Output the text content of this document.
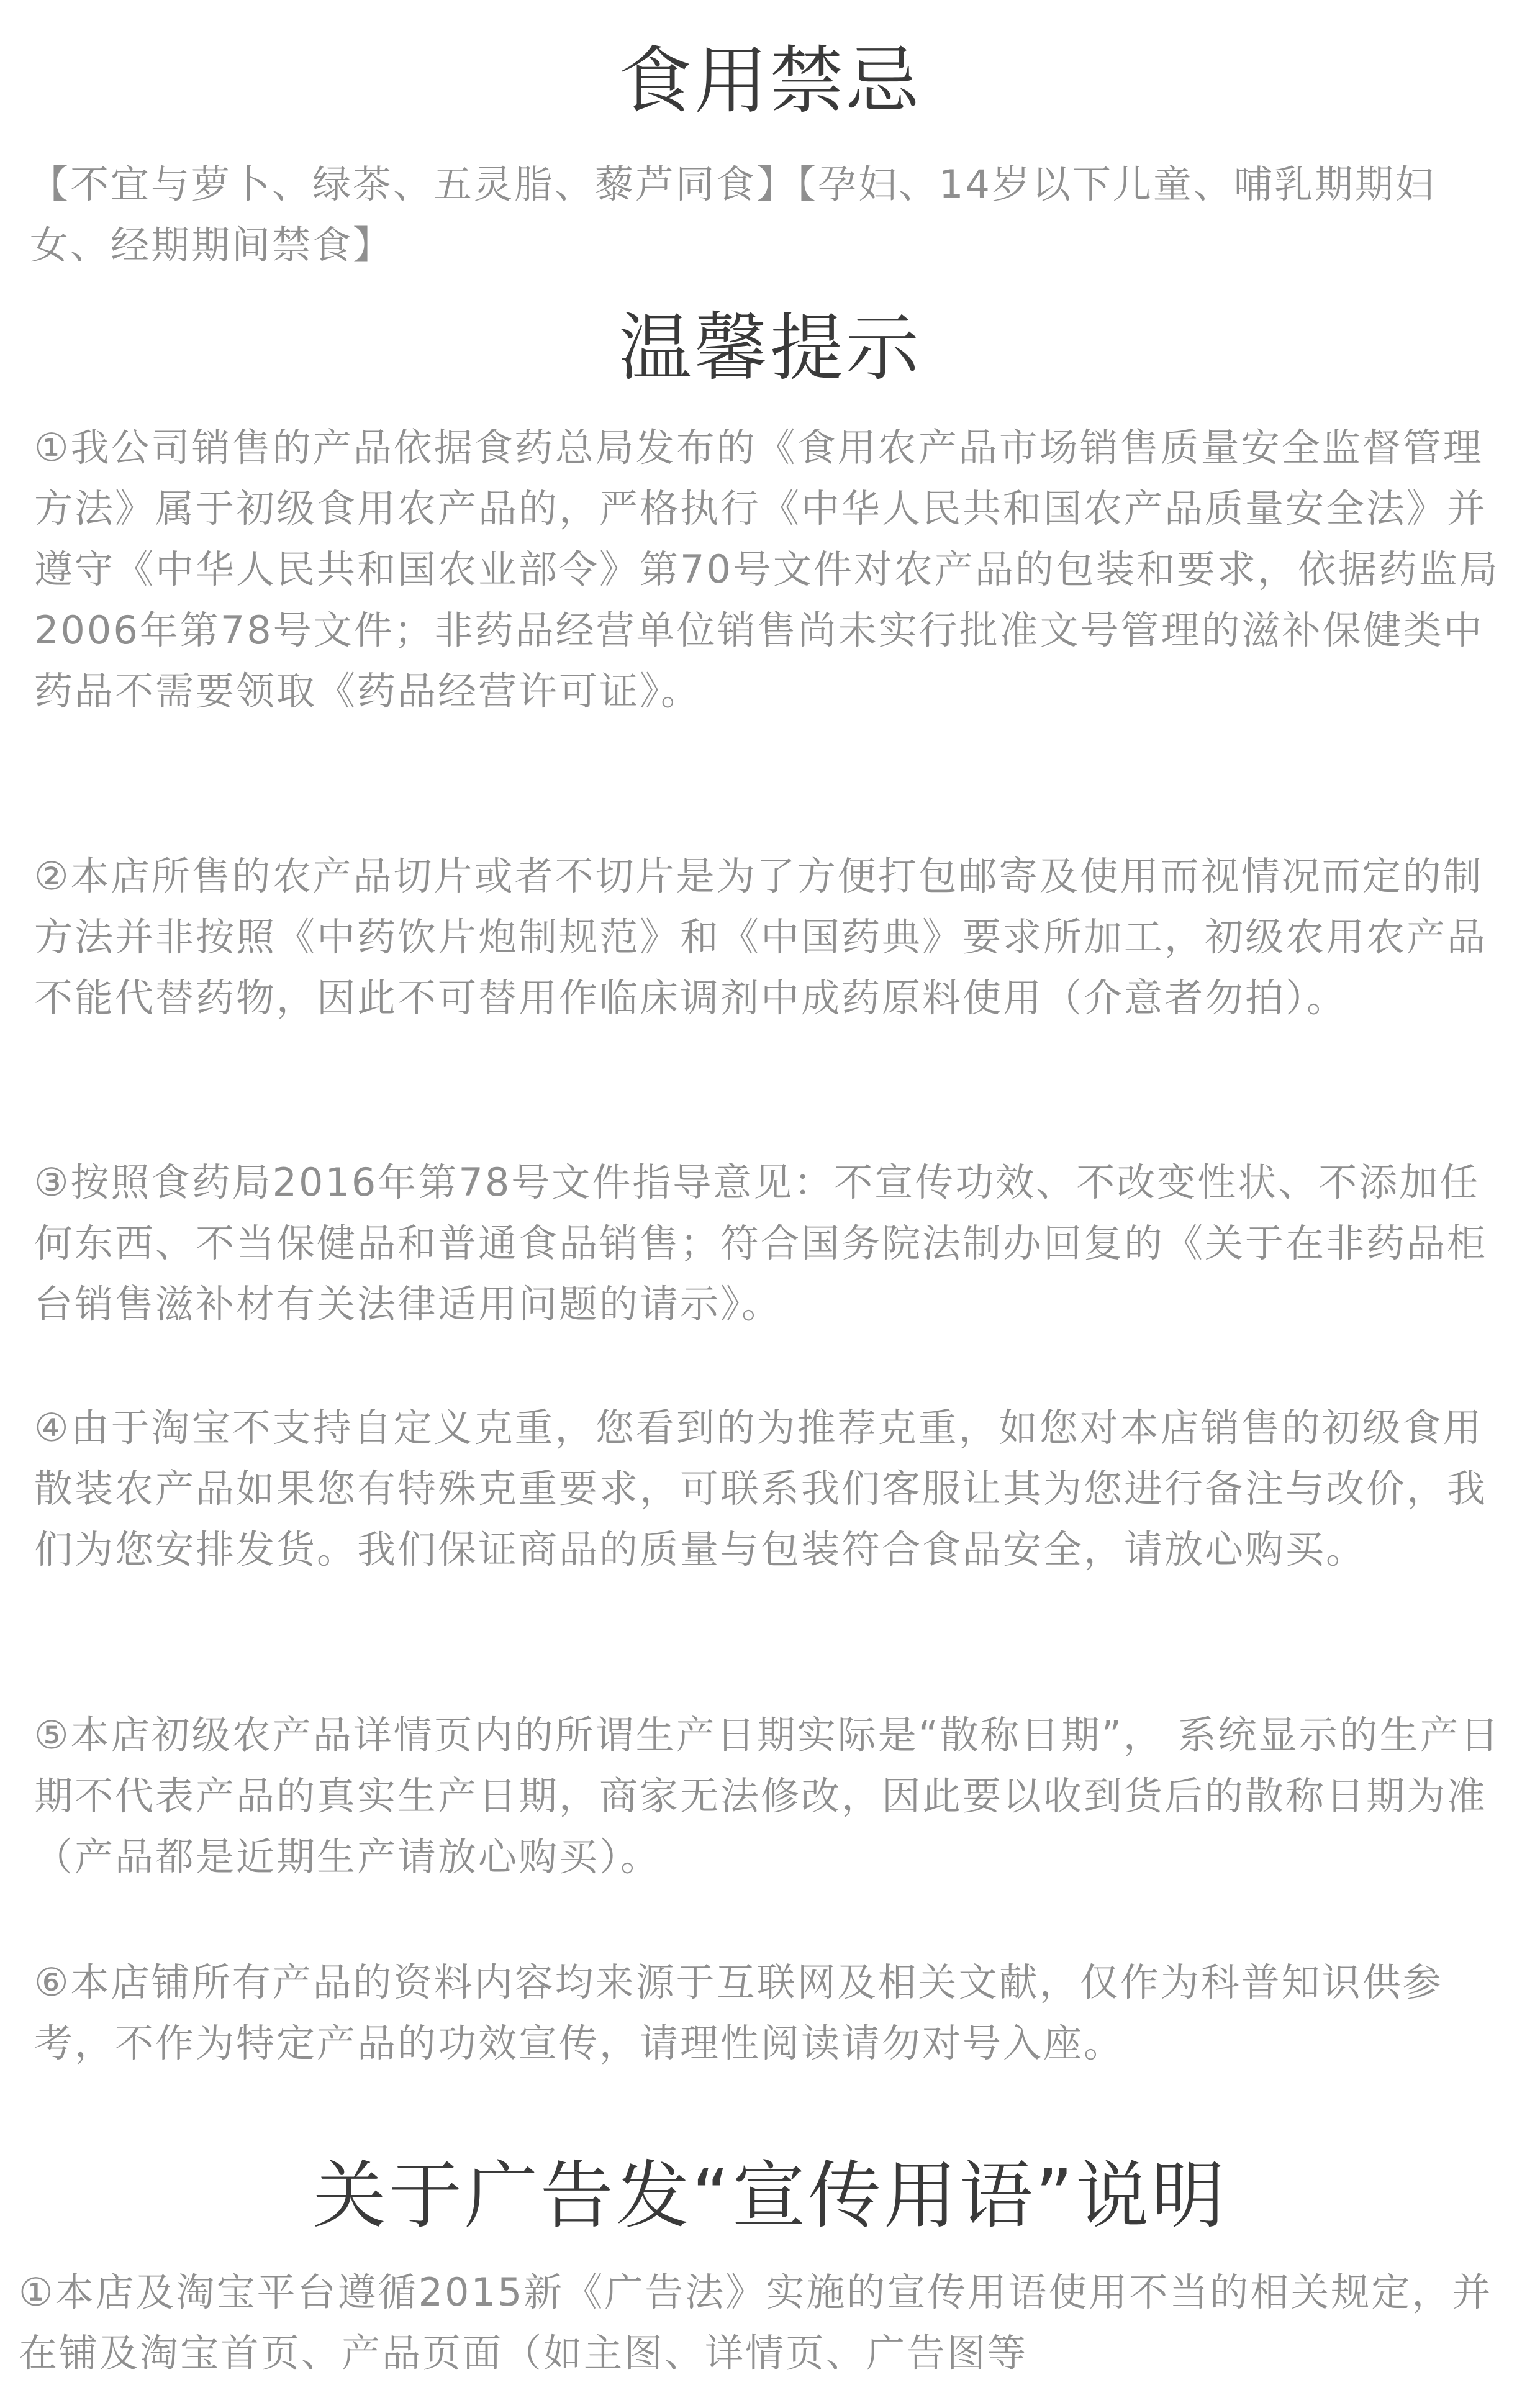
食用禁忌

【不宜与萝卜、绿茶、五灵脂、藜芦同食】【孕妇、14岁以下儿童、哺乳期期妇女、经期期间禁食】

温馨提示

①我公司销售的产品依据食药总局发布的《食用农产品市场销售质量安全监督管理方法》属于初级食用农产品的，严格执行《中华人民共和国农产品质量安全法》并遵守《中华人民共和国农业部令》第70号文件对农产品的包装和要求，依据药监局2006年第78号文件；非药品经营单位销售尚未实行批准文号管理的滋补保健类中药品不需要领取《药品经营许可证》。

②本店所售的农产品切片或者不切片是为了方便打包邮寄及使用而视情况而定的制方法并非按照《中药饮片炮制规范》和《中国药典》要求所加工，初级农用农产品不能代替药物，因此不可替用作临床调剂中成药原料使用（介意者勿拍）。

③按照食药局2016年第78号文件指导意见：不宣传功效、不改变性状、不添加任何东西、不当保健品和普通食品销售；符合国务院法制办回复的《关于在非药品柜台销售滋补材有关法律适用问题的请示》。

④由于淘宝不支持自定义克重，您看到的为推荐克重，如您对本店销售的初级食用散装农产品如果您有特殊克重要求，可联系我们客服让其为您进行备注与改价，我们为您安排发货。我们保证商品的质量与包装符合食品安全，请放心购买。

⑤本店初级农产品详情页内的所谓生产日期实际是“散称日期”， 系统显示的生产日期不代表产品的真实生产日期，商家无法修改，因此要以收到货后的散称日期为准（产品都是近期生产请放心购买）。

⑥本店铺所有产品的资料内容均来源于互联网及相关文献，仅作为科普知识供参考，不作为特定产品的功效宣传，请理性阅读请勿对号入座。

关于广告发“宣传用语”说明

①本店及淘宝平台遵循2015新《广告法》实施的宣传用语使用不当的相关规定，并在铺及淘宝首页、产品页面（如主图、详情页、广告图等
